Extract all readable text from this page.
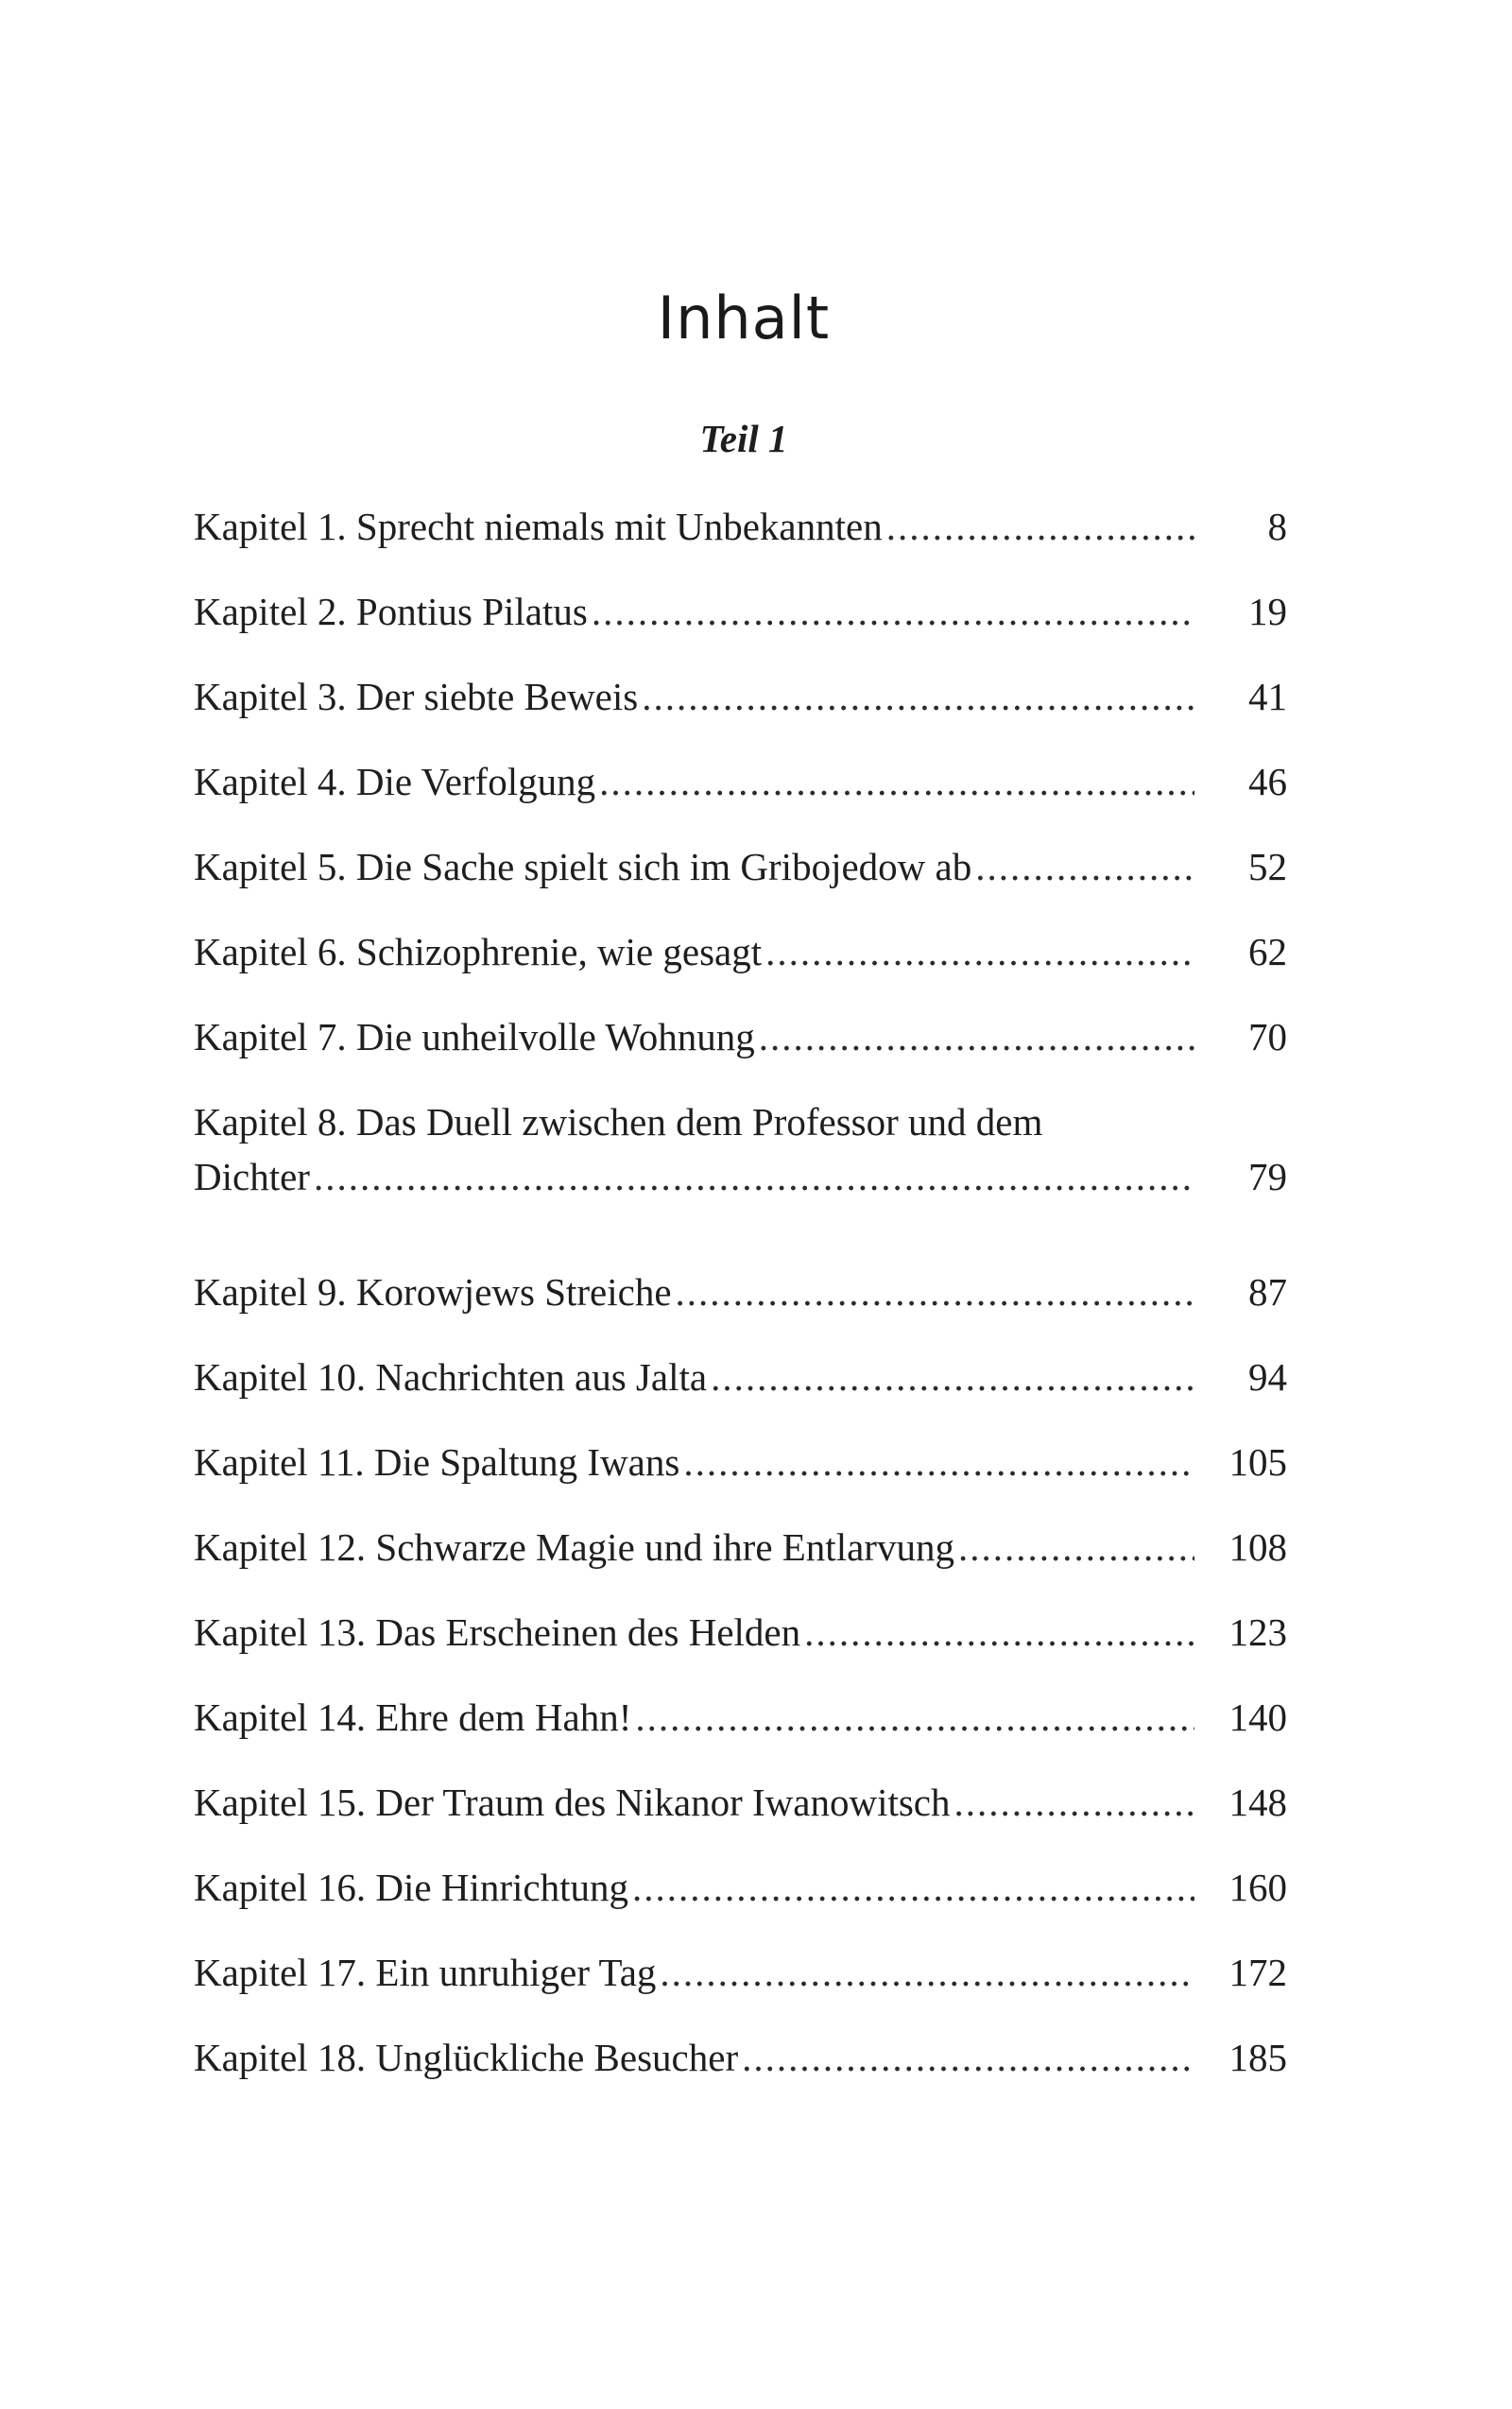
Inhalt
Teil 1
Kapitel 1. Sprecht niemals mit Unbekannten .....	8
Kapitel 2. Pontius Pilatus .....	19
Kapitel 3. Der siebte Beweis .....	41
Kapitel 4. Die Verfolgung .....	46
Kapitel 5. Die Sache spielt sich im Gribojedow ab .....	52
Kapitel 6. Schizophrenie, wie gesagt .....	62
Kapitel 7. Die unheilvolle Wohnung .....	70
Kapitel 8. Das Duell zwischen dem Professor und dem
Dichter .....	79
Kapitel 9. Korowjews Streiche .....	87
Kapitel 10. Nachrichten aus Jalta .....	94
Kapitel 11. Die Spaltung Iwans .....	105
Kapitel 12. Schwarze Magie und ihre Entlarvung .....	108
Kapitel 13. Das Erscheinen des Helden .....	123
Kapitel 14. Ehre dem Hahn! .....	140
Kapitel 15. Der Traum des Nikanor Iwanowitsch .....	148
Kapitel 16. Die Hinrichtung .....	160
Kapitel 17. Ein unruhiger Tag .....	172
Kapitel 18. Unglückliche Besucher .....	185
